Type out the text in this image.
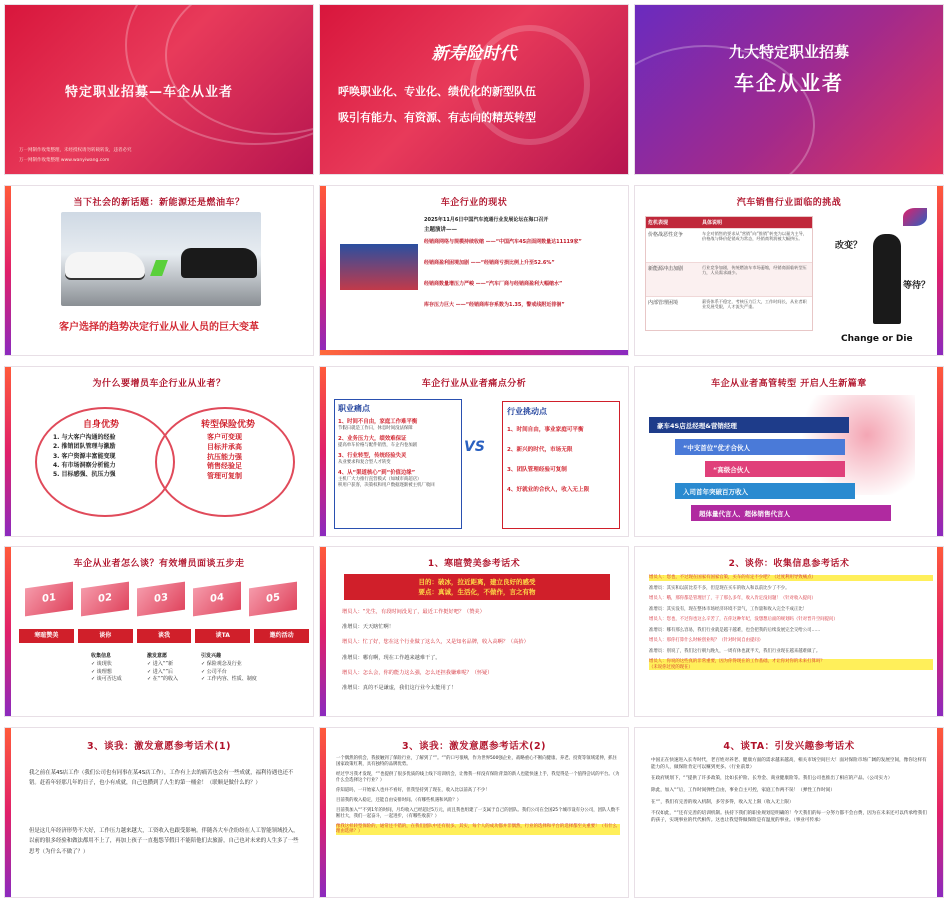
特定职业招募—车企从业者
万一网制作收集整理，未经授权请勿转载转发，违者必究
万一网制作收集整理 www.wanyiwang.com
新寿险时代
呼唤职业化、专业化、绩优化的新型队伍
吸引有能力、有资源、有志向的精英转型
九大特定职业招募
车企从业者
当下社会的新话题：新能源还是燃油车？
客户选择的趋势决定行业从业人员的巨大变革
车企行业的现状
2025年11月6日中国汽车流通行业发展论坛在海口召开
主题演讲——
经销商网络与规模持续收缩 ——“中国汽车4S店面网数量达11119家”
经销商盈利困境加剧 ——“经销商亏损比例上升至52.6%”
经销商数量增压力严峻 ——“汽车厂商与经销商盈利大幅缩水”
库存压力巨大 ——“经销商库存系数为1.35，警戒线附近徘徊”
汽车销售行业面临的挑战
危机表现	具体说明
价格战恶性竞争	车企对销售的要求从“营销”向“推销”转变为以量为主导，价格战与降价促销成为常态，经销商利润被大幅挤压。
新能源冲击加剧	行业竞争加剧，传统燃油车市场萎缩，经销商面临转型压力，人员需求减少。
内部管理困境	薪资体系不稳定，考核压力巨大，工作时间长，从业者职业发展受限，人才流失严重。
改变？
等待？
Change or Die
为什么要增员车企行业从业者？
自身优势
1. 与大客户沟通的经验
2. 推销团队管理与激励
3. 客户资源丰富能变现
4. 有市场洞察分析能力
5. 目标感强、抗压力强
转型保险优势
客户可变现
目标并承高
抗压能力强
销售经验足
管理可复制
车企行业从业者痛点分析
职业痛点
1、时间不自由，家庭工作难平衡
节假日就是工作日，休息时间没法保障
2、业务压力大，绩效难保证
提高单车价格与配件销售，车企内卷加剧
3、行业转型，传统经验失灵
从业要求和复合型人才转变
4、从“渠道核心”到“价值边缘”
主机厂大力推行直营模式（如城市商超店）
积用户获客，决策权和用户数据逐渐被主机厂收回
VS
行业挑动点
1、时间自由，事业家庭可平衡
2、新兴的时代，市场无限
3、团队管理经验可复制
4、好就业的合伙人，收入无上限
车企从业者高管转型 开启人生新篇章
豪车4S店总经理&营销经理
“中支首位”优才合伙人
“高级合伙人
入司首年突破百万收入
超体量代言人、超体销售代言人
车企从业者怎么谈？有效增员面谈五步走
01	02	03	04	05
寒暄赞美	谈你	谈我	谈TA	邀约活动
收集信息
✓ 谈现状
✓ 谈理想
✓ 谈可否达成
激发意愿
✓ 进入“”新
✓ 进入“”后
✓ 在“”的收入
引发兴趣
✓ 保险观念及行业
✓ 公司平台
✓ 工作内容、性质、制度
1、寒暄赞美参考话术
目的：破冰，拉近距离，建立良好的感受
要点：真诚，生活化，不做作，言之有物
增员人：“先生，有段时间没见了，最近工作挺好吧？（赞美）
准增员：天天瞎忙啊！
增员人：忙了好，您在这个行业做了这么久，又是知名品牌，收入高啊？（高抬）
准增员：哪有啊，现在工作越来越难干了。
增员人：怎么会，你的能力这么强，怎么还担我嫌难呢？（怀疑）
准增员：真的不是谦虚，我们这行业今太能用了！
2、谈你：收集信息参考话术
增员人：您也，不过现在国家有国家官策，买车的有定不少吧？（过度利用导致痛点）
准增员：其实和以前比差不多，但是现在买车的收入和以前比少了不少。
增员人：哦，那你都是管理层了，干了那么多年，收入肯定没问题！（针对收入提问）
准增员：其实没有，现在整体市场经济环境不景气，工作量和收入完全不成正比！
增员人：您也，不过你也这么辛苦了，在你这种年纪，没想想后面的规划吗（针对晋升空间提问）
准增员：哪有那么容易，我们行业就是越干越难，也会把我的后续发展完全交给公司……
增员人：那你打算什么时候创业呢？（针对时间自由提问）
准增员：别说了，我们这行朝九晚九，一周有休也就半天，我们行业现在越来越难做了。
增员人：你说的这些真的非常重要，因为你得现在的工作基础，才让你对你的未来打算吗？
（未说你过度的现在）
3、谈我：激发意愿参考话术(1)
我之前在某4S店工作（我们公司也有同事在某4S店工作），工作有上去的痛苦也会有一些成就，福利待遇也还不错。赶着年轻那几年的日子，也小有成就，自己也攒到了人生的第一桶金！（联顺是做什么的？）
但是这几年经济形势不大好，工作压力越来越大，工资收入也跟受影响。伴随各大车企纷纷在人工智能领域投入，以前的很多经验和做法都用不上了，再加上孩子一直抱怨节假日不能陪他们去旅游，自己也对未来的人生多了一些思考（为什么不做了？）
3、谈我：激发意愿参考话术(2)
一个偶然的机会，我接触到了保险行业，了解到了“”。“”的口号很响，作为世界500强企业，战略重心不断向健康、养老、投资等领域延伸，抓住国家政策红利，具有独特的品牌优势。
经过学习我才发现，“”也提供了很多优质的线上线下培训机会，让像我一样没有保险背景的新人也能快速上手，我觉得是一个值得尝试的平台。（为什么会选择这个行业？）
你知道吗，一开始家人也并不看好，但我坚持到了现在，收入比以前高了不少！
目前我的收入稳定，还能自由安排时间。（有哪些机遇和风险？）
目前我加入“”不到1年的时间，月均收入已经超过5万元，而且我也组建了一支属于自己的团队。我们公司在全国25个城市设有分公司，团队人数不断壮大，我们一起奋斗，一起进步，（有哪些收获？）
像我这样转型保险的，通常还不错的，在我们团队中还有很多。其实，每个人的成功都并非偶然，行业的选择和平台的选择都至关重要！（有什么理由选择？）
4、谈TA：引发兴趣参考话术
中国正在快速进入长寿时代，老百姓对养老、健康方面的需求越来越高，相关市场空间巨大！面对保险市场广阔的发展空间，像你这样有能力的人，做保险肯定可以赚到更多。（行业前景）
在政府规划下，“”提供了许多政策，比如长护险、长寿金、商业健康险等。我们公司也推出了相应的产品。（公司实力）
除此，加入“”后，工作时间弹性自由，事业自主可控，家庭工作两不误！（弹性工作时间）
在“”，我们有完善的收入机制，多劳多得，收入无上限（收入无上限）
不仅如此，“”还有完善的培训机制。扶持下我们的职业规划是明确的！今天我们的每一分努力都不会白费，因为在未来还可以传承给我们的孩子，实现事业的代代相传。这也让我觉得做保险是有温度的事业。（事业可传承）
